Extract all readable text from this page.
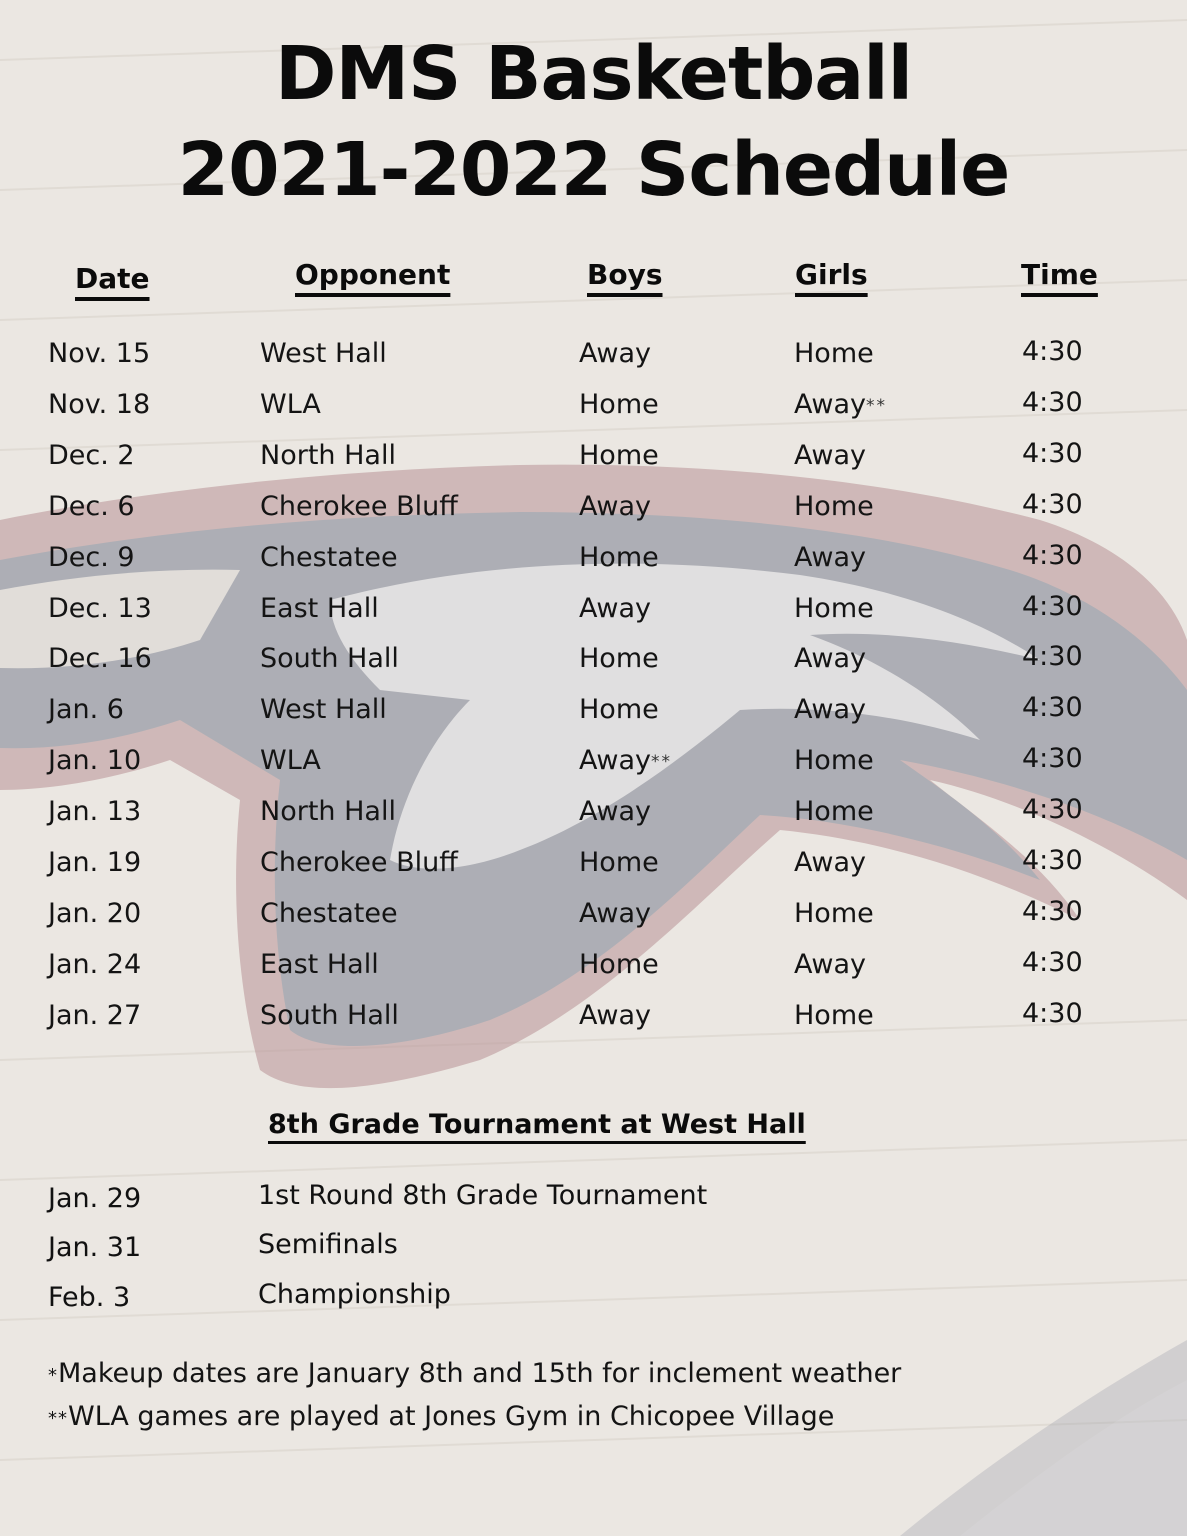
DMS Basketball
2021-2022 Schedule
Date	Opponent	Boys	Girls	Time
Nov. 15	West Hall	Away	Home	4:30
Nov. 18	WLA	Home	Away**	4:30
Dec. 2	North Hall	Home	Away	4:30
Dec. 6	Cherokee Bluff	Away	Home	4:30
Dec. 9	Chestatee	Home	Away	4:30
Dec. 13	East Hall	Away	Home	4:30
Dec. 16	South Hall	Home	Away	4:30
Jan. 6	West Hall	Home	Away	4:30
Jan. 10	WLA	Away**	Home	4:30
Jan. 13	North Hall	Away	Home	4:30
Jan. 19	Cherokee Bluff	Home	Away	4:30
Jan. 20	Chestatee	Away	Home	4:30
Jan. 24	East Hall	Home	Away	4:30
Jan. 27	South Hall	Away	Home	4:30
8th Grade Tournament at West Hall
Jan. 29	1st Round 8th Grade Tournament
Jan. 31	Semifinals
Feb. 3	Championship
*Makeup dates are January 8th and 15th for inclement weather
**WLA games are played at Jones Gym in Chicopee Village
